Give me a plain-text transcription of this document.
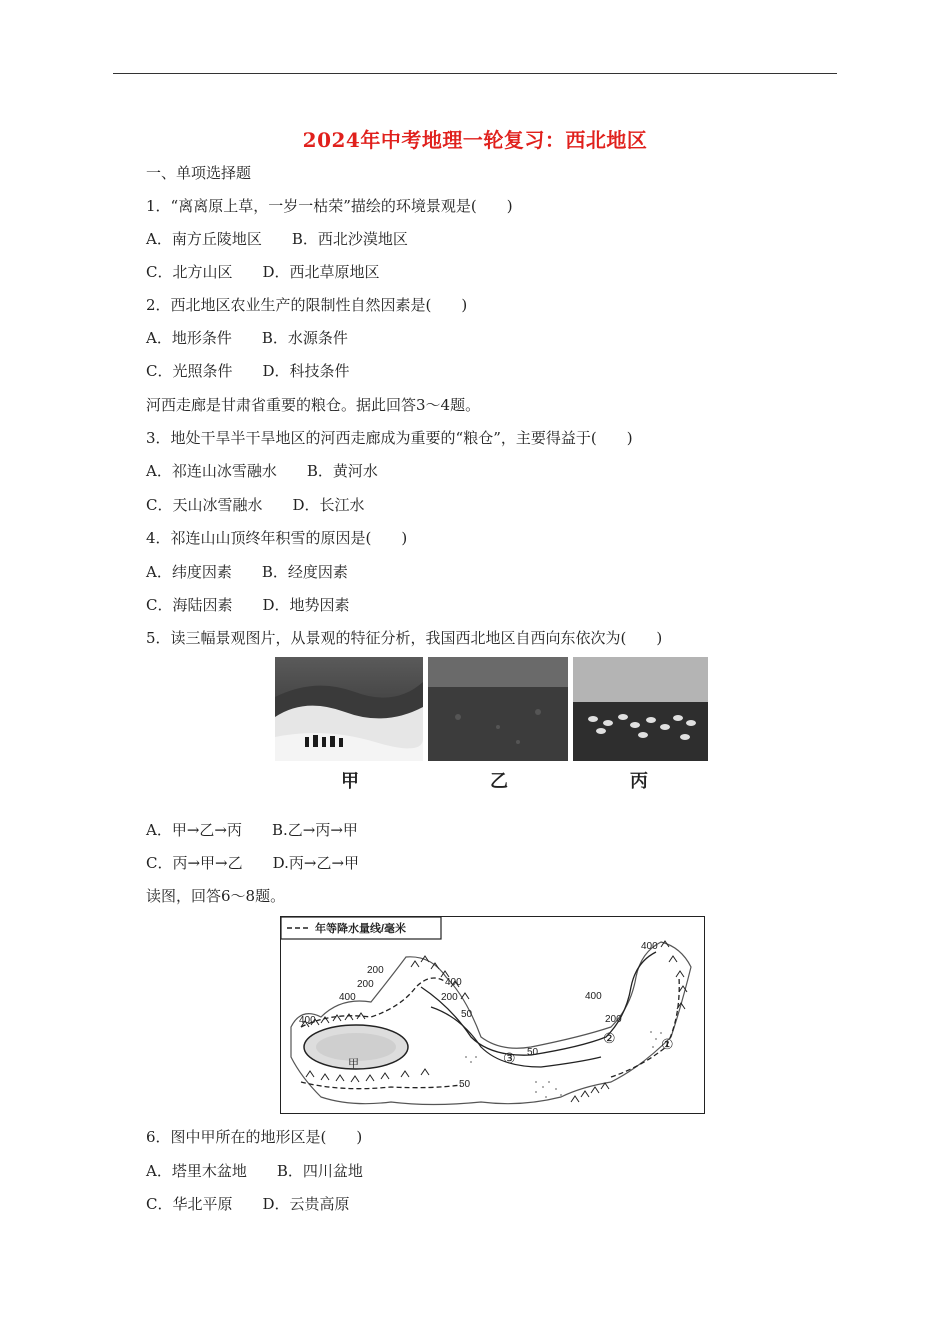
2024年中考地理一轮复习：西北地区
一、单项选择题
1．“离离原上草，一岁一枯荣”描绘的环境景观是(　　)
A．南方丘陵地区　　B．西北沙漠地区
C．北方山区　　D．西北草原地区
2．西北地区农业生产的限制性自然因素是(　　)
A．地形条件　　B．水源条件
C．光照条件　　D．科技条件
河西走廊是甘肃省重要的粮仓。据此回答3～4题。
3．地处干旱半干旱地区的河西走廊成为重要的“粮仓”，主要得益于(　　)
A．祁连山冰雪融水　　B．黄河水
C．天山冰雪融水　　D．长江水
4．祁连山山顶终年积雪的原因是(　　)
A．纬度因素　　B．经度因素
C．海陆因素　　D．地势因素
5．读三幅景观图片，从景观的特征分析，我国西北地区自西向东依次为(　　)
甲	乙	丙
A．甲→乙→丙　　B.乙→丙→甲
C．丙→甲→乙　　D.丙→乙→甲
读图，回答6～8题。
年等降水量线/毫米
400
200
200
400
400
200
50
400
50
50
200
400
甲
①
②
③
6．图中甲所在的地形区是(　　)
A．塔里木盆地　　B．四川盆地
C．华北平原　　D．云贵高原
